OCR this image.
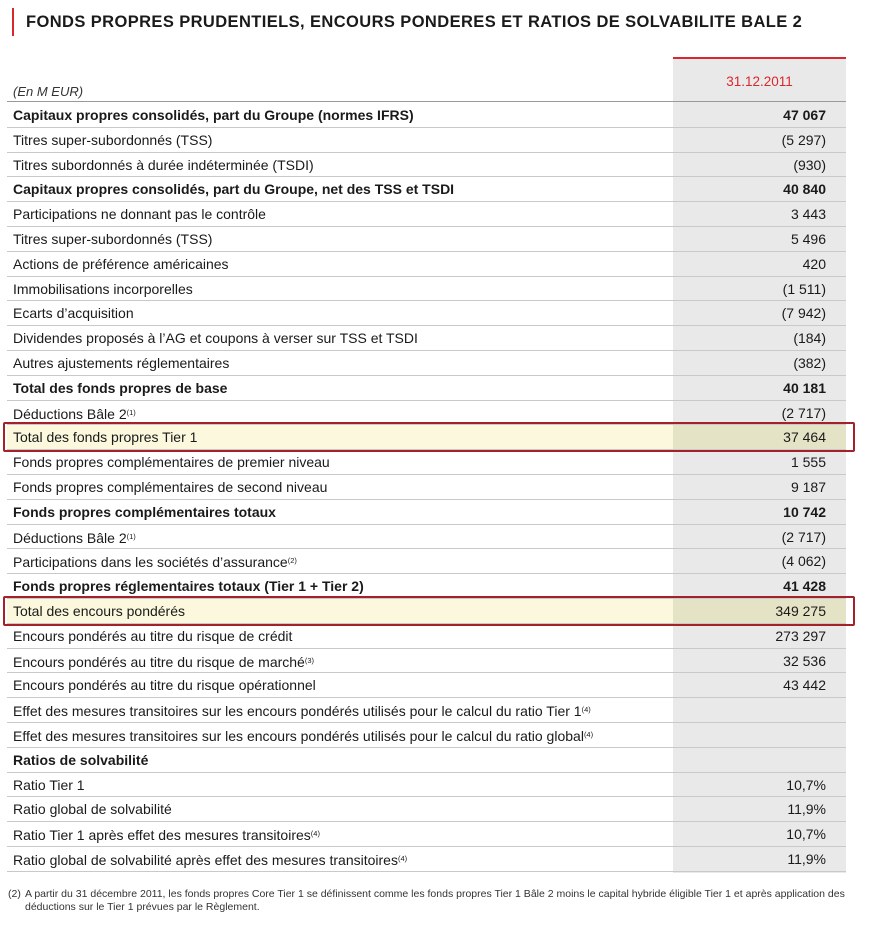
FONDS PROPRES PRUDENTIELS, ENCOURS PONDERES ET RATIOS DE SOLVABILITE BALE 2
31.12.2011
(En M EUR)
Capitaux propres consolidés, part du Groupe (normes IFRS)	47 067
Titres super-subordonnés (TSS)	(5 297)
Titres subordonnés à durée indéterminée (TSDI)	(930)
Capitaux propres consolidés, part du Groupe, net des TSS et TSDI	40 840
Participations ne donnant pas le contrôle	3 443
Titres super-subordonnés (TSS)	5 496
Actions de préférence américaines	420
Immobilisations incorporelles	(1 511)
Ecarts d’acquisition	(7 942)
Dividendes proposés à l’AG et coupons à verser sur TSS et TSDI	(184)
Autres ajustements réglementaires	(382)
Total des fonds propres de base	40 181
Déductions Bâle 2$^{(1)}$	(2 717)
Total des fonds propres Tier 1	37 464
Fonds propres complémentaires de premier niveau	1 555
Fonds propres complémentaires de second niveau	9 187
Fonds propres complémentaires totaux	10 742
Déductions Bâle 2$^{(1)}$	(2 717)
Participations dans les sociétés d’assurance$^{(2)}$	(4 062)
Fonds propres réglementaires totaux (Tier 1 + Tier 2)	41 428
Total des encours pondérés	349 275
Encours pondérés au titre du risque de crédit	273 297
Encours pondérés au titre du risque de marché$^{(3)}$	32 536
Encours pondérés au titre du risque opérationnel	43 442
Effet des mesures transitoires sur les encours pondérés utilisés pour le calcul du ratio Tier 1$^{(4)}$
Effet des mesures transitoires sur les encours pondérés utilisés pour le calcul du ratio global$^{(4)}$
Ratios de solvabilité
Ratio Tier 1	10,7%
Ratio global de solvabilité	11,9%
Ratio Tier 1 après effet des mesures transitoires$^{(4)}$	10,7%
Ratio global de solvabilité après effet des mesures transitoires$^{(4)}$	11,9%
(2) A partir du 31 décembre 2011, les fonds propres Core Tier 1 se définissent comme les fonds propres Tier 1 Bâle 2 moins le capital hybride éligible Tier 1 et après application des déductions sur le Tier 1 prévues par le Règlement.
